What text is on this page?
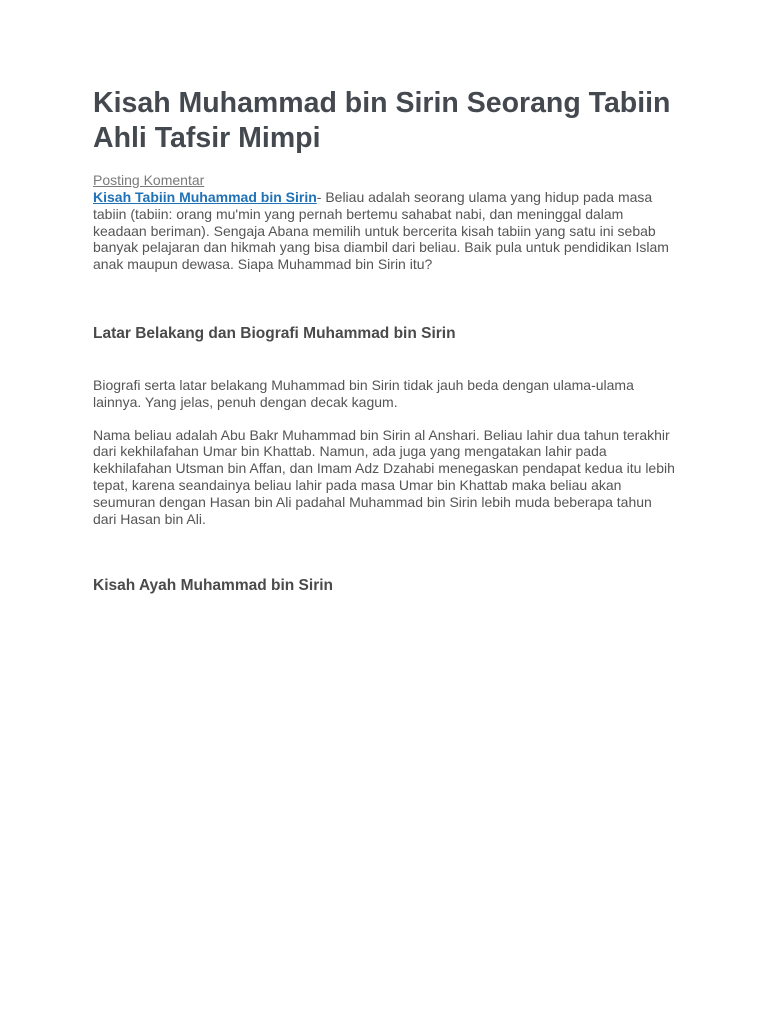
Kisah Muhammad bin Sirin Seorang Tabiin Ahli Tafsir Mimpi
Posting Komentar

Kisah Tabiin Muhammad bin Sirin- Beliau adalah seorang ulama yang hidup pada masa tabiin (tabiin: orang mu'min yang pernah bertemu sahabat nabi, dan meninggal dalam keadaan beriman). Sengaja Abana memilih untuk bercerita kisah tabiin yang satu ini sebab banyak pelajaran dan hikmah yang bisa diambil dari beliau. Baik pula untuk pendidikan Islam anak maupun dewasa. Siapa Muhammad bin Sirin itu?

Latar Belakang dan Biografi Muhammad bin Sirin

Biografi serta latar belakang Muhammad bin Sirin tidak jauh beda dengan ulama-ulama lainnya. Yang jelas, penuh dengan decak kagum.

Nama beliau adalah Abu Bakr Muhammad bin Sirin al Anshari. Beliau lahir dua tahun terakhir dari kekhilafahan Umar bin Khattab. Namun, ada juga yang mengatakan lahir pada kekhilafahan Utsman bin Affan, dan Imam Adz Dzahabi menegaskan pendapat kedua itu lebih tepat, karena seandainya beliau lahir pada masa Umar bin Khattab maka beliau akan seumuran dengan Hasan bin Ali padahal Muhammad bin Sirin lebih muda beberapa tahun dari Hasan bin Ali.

Kisah Ayah Muhammad bin Sirin
